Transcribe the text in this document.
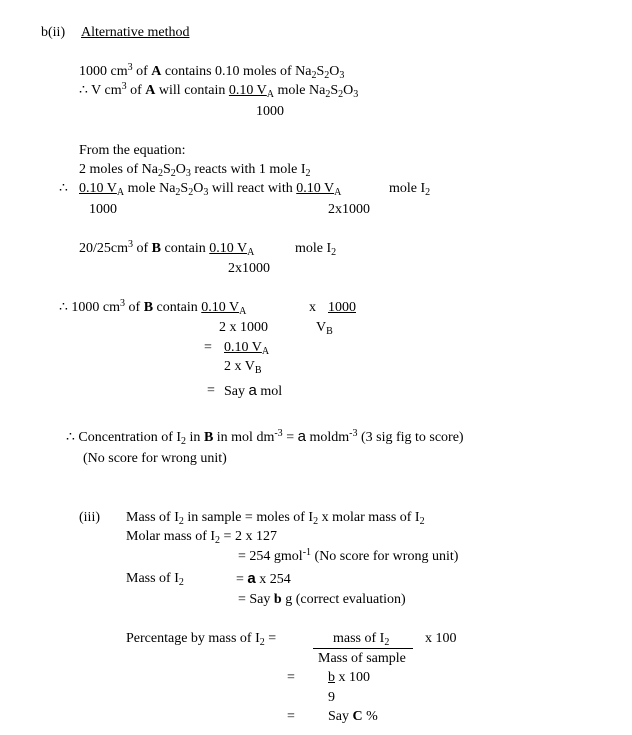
b(ii) Alternative method
1000 $cm^3$ of A contains 0.10 moles of $Na_2S_2O_3$
∴ V $cm^3$ of A will contain 0.10 $V_A$ mole $Na_2S_2O_3$
1000
From the equation:
2 moles of $Na_2S_2O_3$ reacts with 1 mole $I_2$
∴ 0.10 $V_A$ mole $Na_2S_2O_3$ will react with 0.10 $V_A$	mole $I_2$
1000	2x1000
$20/25cm^3$ of B contain 0.10 $V_A$	mole $I_2$
2x1000
∴ 1000 $cm^3$ of B contain 0.10 $V_A$	x 1000
2 x 1000	$V_B$
= 0.10 $V_A$
2 x $V_B$
= Say a mol
∴ Concentration of $I_2$ in B in mol $dm^{-3} = a$ moldm$^{-3}$ (3 sig fig to score)
(No score for wrong unit)
(iii) Mass of $I_2$ in sample = moles of $I_2$ x molar mass of $I_2$
Molar mass of $I_2 = 2$ x 127
= 254 gmol$^{-1}$ (No score for wrong unit)
Mass of $I_2$	= a x 254
= Say b g (correct evaluation)
Percentage by mass of $I_2$ =	mass of $I_2$	x 100
Mass of sample
= b x 100
9
= Say C %
